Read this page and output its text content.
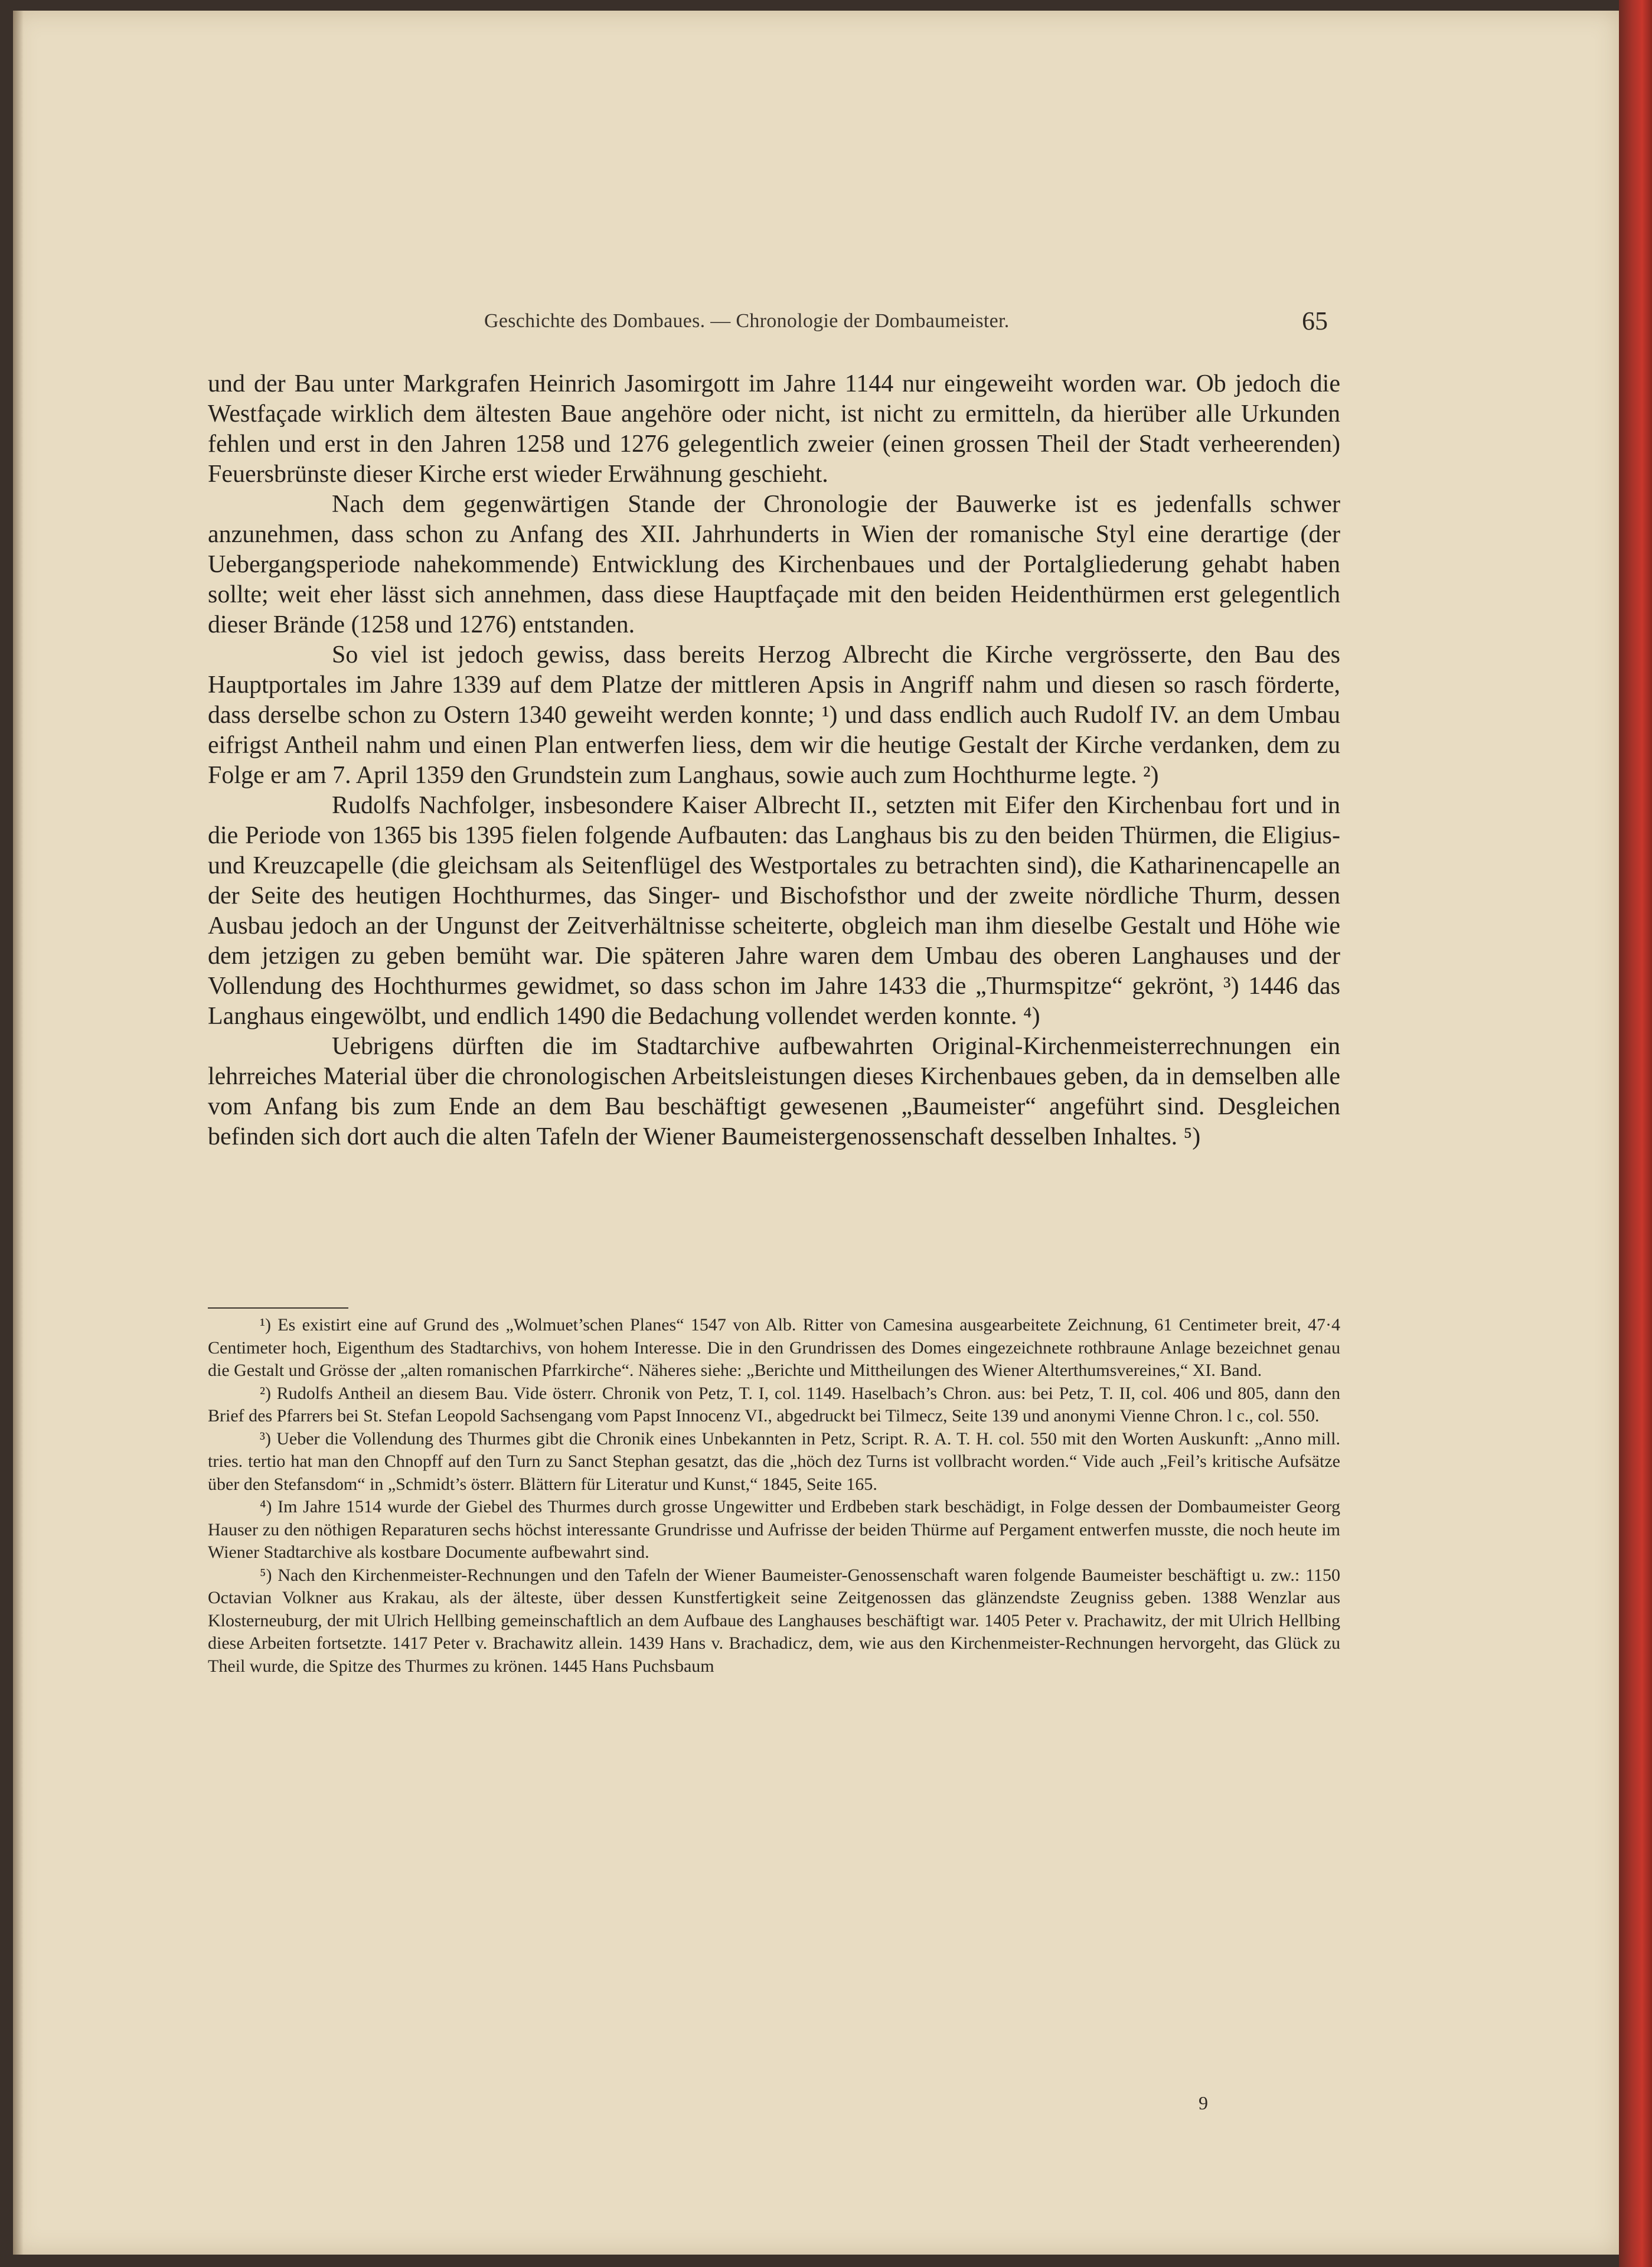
Geschichte des Dombaues. — Chronologie der Dombaumeister.	65

und der Bau unter Markgrafen Heinrich Jasomirgott im Jahre 1144 nur eingeweiht worden war. Ob jedoch die Westfaçade wirklich dem ältesten Baue angehöre oder nicht, ist nicht zu ermitteln, da hierüber alle Urkunden fehlen und erst in den Jahren 1258 und 1276 gelegentlich zweier (einen grossen Theil der Stadt verheerenden) Feuersbrünste dieser Kirche erst wieder Erwähnung geschieht.

Nach dem gegenwärtigen Stande der Chronologie der Bauwerke ist es jedenfalls schwer anzunehmen, dass schon zu Anfang des XII. Jahrhunderts in Wien der romanische Styl eine derartige (der Uebergangsperiode nahekommende) Entwicklung des Kirchenbaues und der Portalgliederung gehabt haben sollte; weit eher lässt sich annehmen, dass diese Hauptfaçade mit den beiden Heidenthürmen erst gelegentlich dieser Brände (1258 und 1276) entstanden.

So viel ist jedoch gewiss, dass bereits Herzog Albrecht die Kirche vergrösserte, den Bau des Hauptportales im Jahre 1339 auf dem Platze der mittleren Apsis in Angriff nahm und diesen so rasch förderte, dass derselbe schon zu Ostern 1340 geweiht werden konnte; ¹) und dass endlich auch Rudolf IV. an dem Umbau eifrigst Antheil nahm und einen Plan entwerfen liess, dem wir die heutige Gestalt der Kirche verdanken, dem zu Folge er am 7. April 1359 den Grundstein zum Langhaus, sowie auch zum Hochthurme legte. ²)

Rudolfs Nachfolger, insbesondere Kaiser Albrecht II., setzten mit Eifer den Kirchenbau fort und in die Periode von 1365 bis 1395 fielen folgende Aufbauten: das Langhaus bis zu den beiden Thürmen, die Eligius- und Kreuzcapelle (die gleichsam als Seitenflügel des Westportales zu betrachten sind), die Katharinencapelle an der Seite des heutigen Hochthurmes, das Singer- und Bischofsthor und der zweite nördliche Thurm, dessen Ausbau jedoch an der Ungunst der Zeitverhältnisse scheiterte, obgleich man ihm dieselbe Gestalt und Höhe wie dem jetzigen zu geben bemüht war. Die späteren Jahre waren dem Umbau des oberen Langhauses und der Vollendung des Hochthurmes gewidmet, so dass schon im Jahre 1433 die „Thurmspitze“ gekrönt, ³) 1446 das Langhaus eingewölbt, und endlich 1490 die Bedachung vollendet werden konnte. ⁴)

Uebrigens dürften die im Stadtarchive aufbewahrten Original-Kirchenmeisterrechnungen ein lehrreiches Material über die chronologischen Arbeitsleistungen dieses Kirchenbaues geben, da in demselben alle vom Anfang bis zum Ende an dem Bau beschäftigt gewesenen „Baumeister“ angeführt sind. Desgleichen befinden sich dort auch die alten Tafeln der Wiener Baumeistergenossenschaft desselben Inhaltes. ⁵)

¹) Es existirt eine auf Grund des „Wolmuet’schen Planes“ 1547 von Alb. Ritter von Camesina ausgearbeitete Zeichnung, 61 Centimeter breit, 47·4 Centimeter hoch, Eigenthum des Stadtarchivs, von hohem Interesse. Die in den Grundrissen des Domes eingezeichnete rothbraune Anlage bezeichnet genau die Gestalt und Grösse der „alten romanischen Pfarrkirche“. Näheres siehe: „Berichte und Mittheilungen des Wiener Alterthumsvereines,“ XI. Band.

²) Rudolfs Antheil an diesem Bau. Vide österr. Chronik von Petz, T. I, col. 1149. Haselbach’s Chron. aus: bei Petz, T. II, col. 406 und 805, dann den Brief des Pfarrers bei St. Stefan Leopold Sachsengang vom Papst Innocenz VI., abgedruckt bei Tilmecz, Seite 139 und anonymi Vienne Chron. l c., col. 550.

³) Ueber die Vollendung des Thurmes gibt die Chronik eines Unbekannten in Petz, Script. R. A. T. H. col. 550 mit den Worten Auskunft: „Anno mill. tries. tertio hat man den Chnopff auf den Turn zu Sanct Stephan gesatzt, das die „höch dez Turns ist vollbracht worden.“ Vide auch „Feil’s kritische Aufsätze über den Stefansdom“ in „Schmidt’s österr. Blättern für Literatur und Kunst,“ 1845, Seite 165.

⁴) Im Jahre 1514 wurde der Giebel des Thurmes durch grosse Ungewitter und Erdbeben stark beschädigt, in Folge dessen der Dombaumeister Georg Hauser zu den nöthigen Reparaturen sechs höchst interessante Grundrisse und Aufrisse der beiden Thürme auf Pergament entwerfen musste, die noch heute im Wiener Stadtarchive als kostbare Documente aufbewahrt sind.

⁵) Nach den Kirchenmeister-Rechnungen und den Tafeln der Wiener Baumeister-Genossenschaft waren folgende Baumeister beschäftigt u. zw.: 1150 Octavian Volkner aus Krakau, als der älteste, über dessen Kunstfertigkeit seine Zeitgenossen das glänzendste Zeugniss geben. 1388 Wenzlar aus Klosterneuburg, der mit Ulrich Hellbing gemeinschaftlich an dem Aufbaue des Langhauses beschäftigt war. 1405 Peter v. Prachawitz, der mit Ulrich Hellbing diese Arbeiten fortsetzte. 1417 Peter v. Brachawitz allein. 1439 Hans v. Brachadicz, dem, wie aus den Kirchenmeister-Rechnungen hervorgeht, das Glück zu Theil wurde, die Spitze des Thurmes zu krönen. 1445 Hans Puchsbaum

9
